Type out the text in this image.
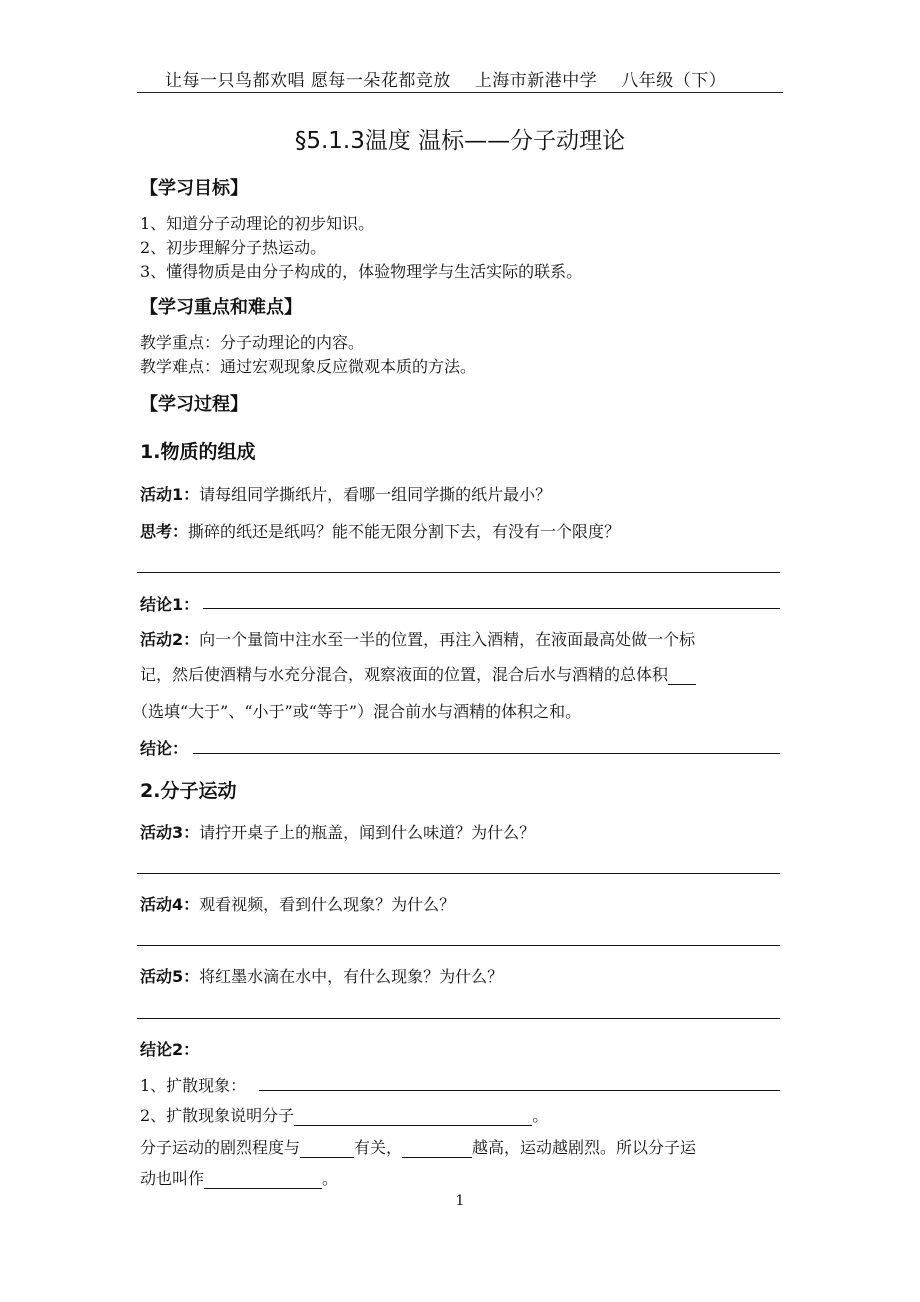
让每一只鸟都欢唱 愿每一朵花都竞放 上海市新港中学 八年级（下）
§5.1.3温度 温标——分子动理论
【学习目标】
1、知道分子动理论的初步知识。
2、初步理解分子热运动。
3、懂得物质是由分子构成的，体验物理学与生活实际的联系。
【学习重点和难点】
教学重点：分子动理论的内容。
教学难点：通过宏观现象反应微观本质的方法。
【学习过程】
1.物质的组成
活动1：请每组同学撕纸片，看哪一组同学撕的纸片最小？
思考：撕碎的纸还是纸吗？能不能无限分割下去，有没有一个限度？
结论1：
活动2：向一个量筒中注水至一半的位置，再注入酒精，在液面最高处做一个标
记，然后使酒精与水充分混合，观察液面的位置，混合后水与酒精的总体积
（选填“大于”、“小于”或“等于”）混合前水与酒精的体积之和。
结论：
2.分子运动
活动3：请拧开桌子上的瓶盖，闻到什么味道？为什么？
活动4：观看视频，看到什么现象？为什么？
活动5：将红墨水滴在水中，有什么现象？为什么？
结论2：
1、扩散现象：
2、扩散现象说明分子	。
分子运动的剧烈程度与	有关，	越高，运动越剧烈。所以分子运
动也叫作	。
1
